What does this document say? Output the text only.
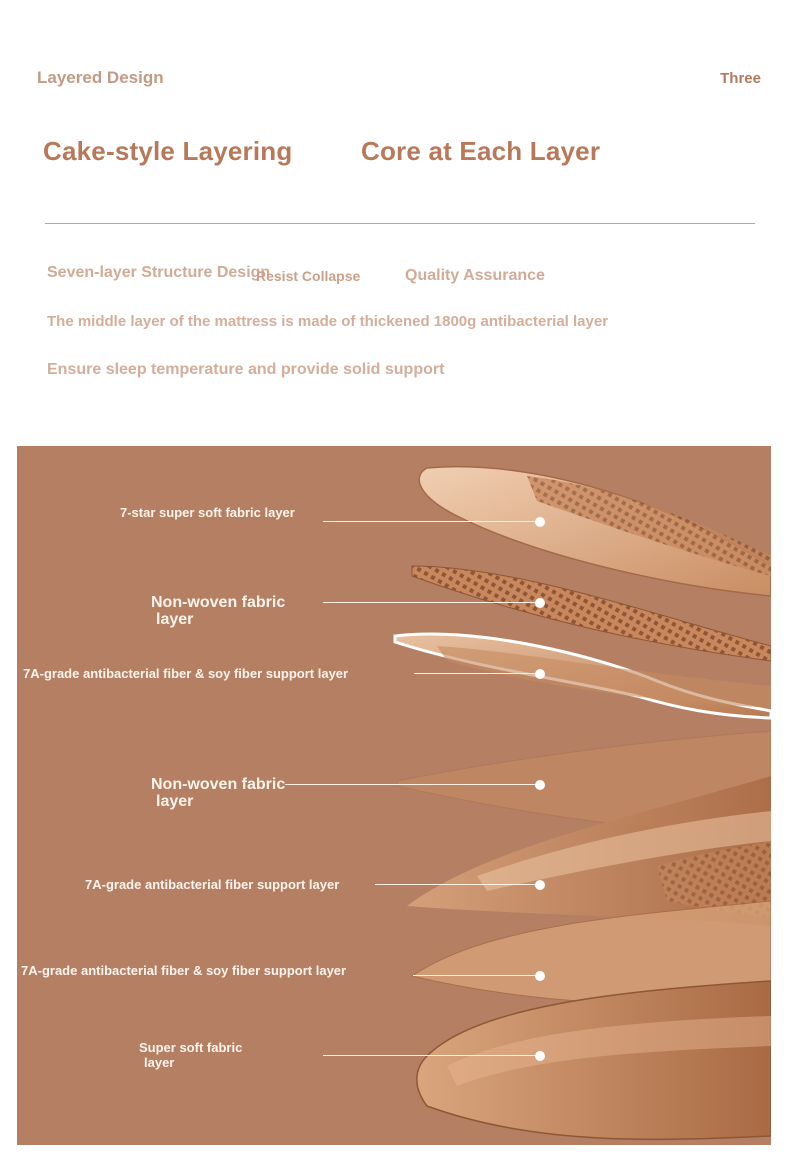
Layered Design	Three
Cake-style Layering	Core at Each Layer
Seven-layer Structure Design
Resist Collapse	Quality Assurance
The middle layer of the mattress is made of thickened 1800g antibacterial layer
Ensure sleep temperature and provide solid support
7-star super soft fabric layer
Non-woven fabric
layer
7A-grade antibacterial fiber & soy fiber support layer
Non-woven fabric
layer
7A-grade antibacterial fiber support layer
7A-grade antibacterial fiber & soy fiber support layer
Super soft fabric
layer
